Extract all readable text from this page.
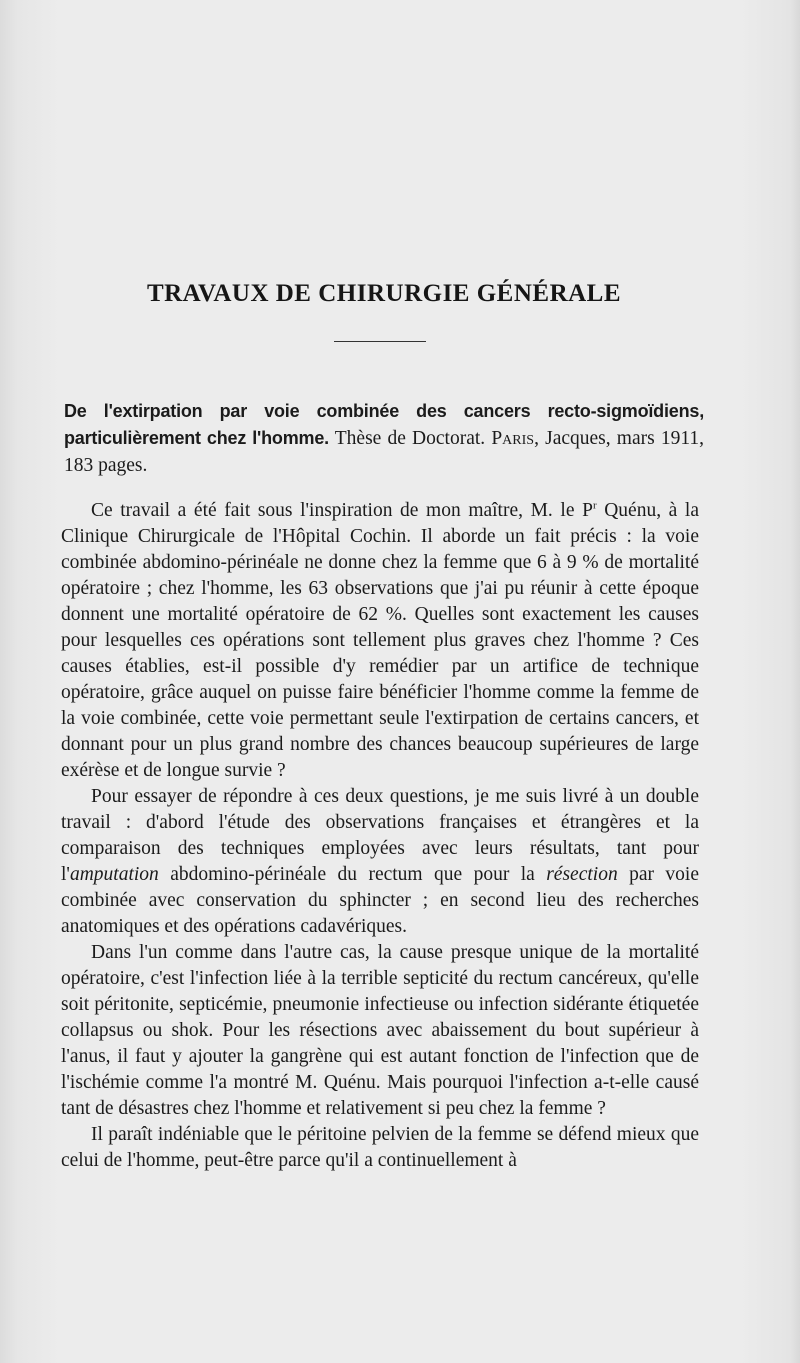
TRAVAUX DE CHIRURGIE GÉNÉRALE
De l'extirpation par voie combinée des cancers recto-sigmoïdiens, particulièrement chez l'homme. Thèse de Doctorat. Paris, Jacques, mars 1911, 183 pages.

Ce travail a été fait sous l'inspiration de mon maître, M. le $P^r$ Quénu, à la Clinique Chirurgicale de l'Hôpital Cochin. Il aborde un fait précis : la voie combinée abdomino-périnéale ne donne chez la femme que 6 à 9 % de mortalité opératoire ; chez l'homme, les 63 observations que j'ai pu réunir à cette époque donnent une mortalité opératoire de 62 %. Quelles sont exactement les causes pour lesquelles ces opérations sont tellement plus graves chez l'homme ? Ces causes établies, est-il possible d'y remédier par un artifice de technique opératoire, grâce auquel on puisse faire bénéficier l'homme comme la femme de la voie combinée, cette voie permettant seule l'extirpation de certains cancers, et donnant pour un plus grand nombre des chances beaucoup supérieures de large exérèse et de longue survie ?

Pour essayer de répondre à ces deux questions, je me suis livré à un double travail : d'abord l'étude des observations françaises et étrangères et la comparaison des techniques employées avec leurs résultats, tant pour l'amputation abdomino-périnéale du rectum que pour la résection par voie combinée avec conservation du sphincter ; en second lieu des recherches anatomiques et des opérations cadavériques.

Dans l'un comme dans l'autre cas, la cause presque unique de la mortalité opératoire, c'est l'infection liée à la terrible septicité du rectum cancéreux, qu'elle soit péritonite, septicémie, pneumonie infectieuse ou infection sidérante étiquetée collapsus ou shok. Pour les résections avec abaissement du bout supérieur à l'anus, il faut y ajouter la gangrène qui est autant fonction de l'infection que de l'ischémie comme l'a montré M. Quénu. Mais pourquoi l'infection a-t-elle causé tant de désastres chez l'homme et relativement si peu chez la femme ?

Il paraît indéniable que le péritoine pelvien de la femme se défend mieux que celui de l'homme, peut-être parce qu'il a continuellement à
